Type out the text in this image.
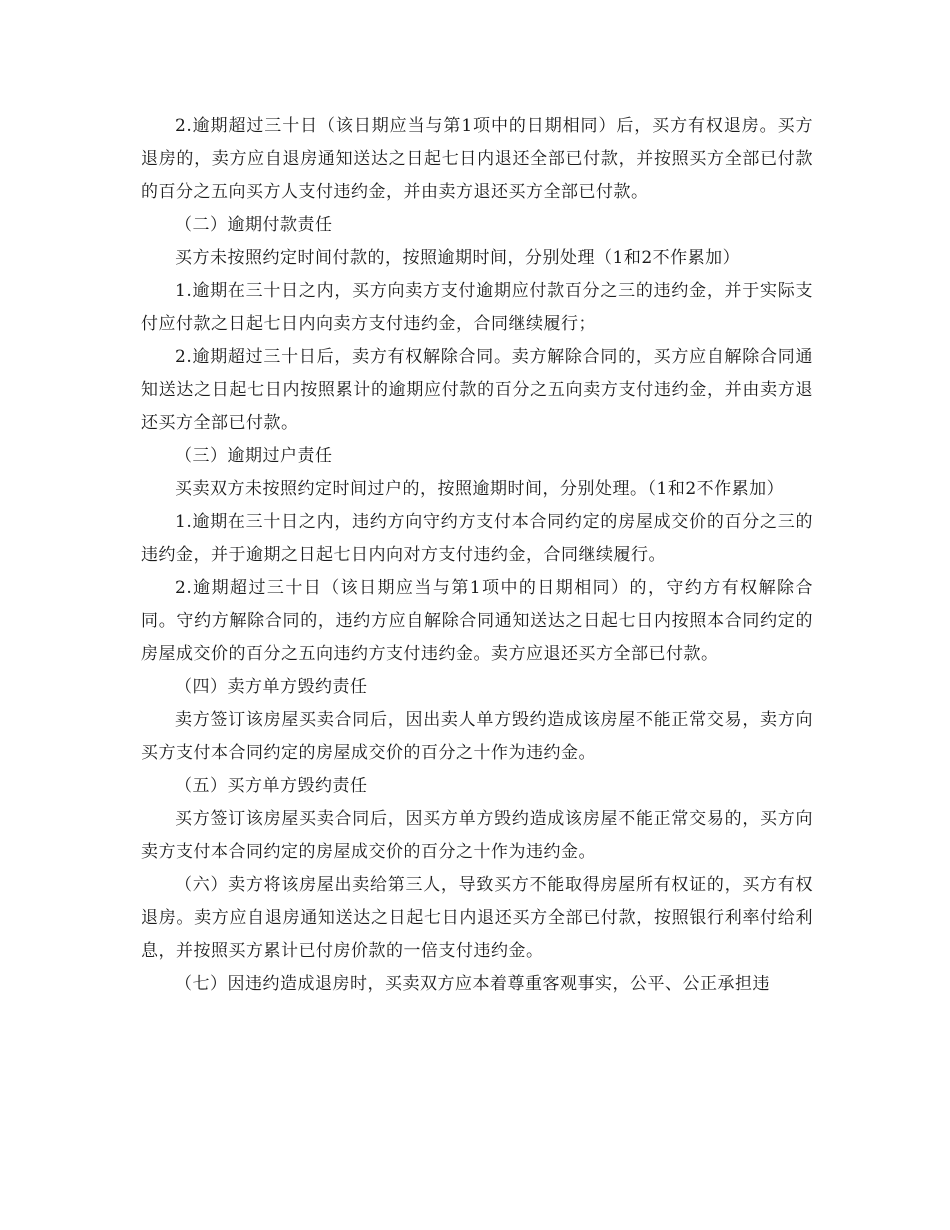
2.逾期超过三十日（该日期应当与第1项中的日期相同）后，买方有权退房。买方退房的，卖方应自退房通知送达之日起七日内退还全部已付款，并按照买方全部已付款的百分之五向买方人支付违约金，并由卖方退还买方全部已付款。

（二）逾期付款责任

买方未按照约定时间付款的，按照逾期时间，分别处理（1和2不作累加）

1.逾期在三十日之内，买方向卖方支付逾期应付款百分之三的违约金，并于实际支付应付款之日起七日内向卖方支付违约金，合同继续履行；

2.逾期超过三十日后，卖方有权解除合同。卖方解除合同的，买方应自解除合同通知送达之日起七日内按照累计的逾期应付款的百分之五向卖方支付违约金，并由卖方退还买方全部已付款。

（三）逾期过户责任

买卖双方未按照约定时间过户的，按照逾期时间，分别处理。（1和2不作累加）

1.逾期在三十日之内，违约方向守约方支付本合同约定的房屋成交价的百分之三的违约金，并于逾期之日起七日内向对方支付违约金，合同继续履行。

2.逾期超过三十日（该日期应当与第1项中的日期相同）的，守约方有权解除合同。守约方解除合同的，违约方应自解除合同通知送达之日起七日内按照本合同约定的房屋成交价的百分之五向违约方支付违约金。卖方应退还买方全部已付款。

（四）卖方单方毁约责任

卖方签订该房屋买卖合同后，因出卖人单方毁约造成该房屋不能正常交易，卖方向买方支付本合同约定的房屋成交价的百分之十作为违约金。

（五）买方单方毁约责任

买方签订该房屋买卖合同后，因买方单方毁约造成该房屋不能正常交易的，买方向卖方支付本合同约定的房屋成交价的百分之十作为违约金。

（六）卖方将该房屋出卖给第三人，导致买方不能取得房屋所有权证的，买方有权退房。卖方应自退房通知送达之日起七日内退还买方全部已付款，按照银行利率付给利息，并按照买方累计已付房价款的一倍支付违约金。

（七）因违约造成退房时，买卖双方应本着尊重客观事实，公平、公正承担违
